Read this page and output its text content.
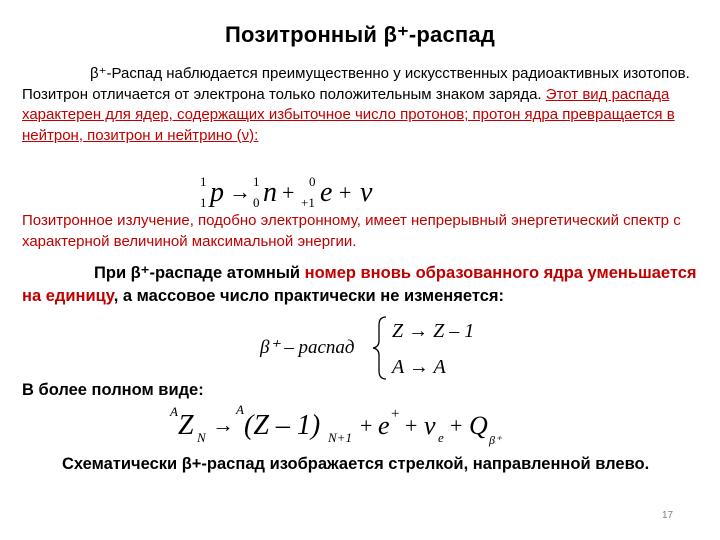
Позитронный β⁺-распад
β⁺-Распад наблюдается преимущественно у искусственных радиоактивных изотопов. Позитрон отличается от электрона только положительным знаком заряда. Этот вид распада характерен для ядер, содержащих избыточное число протонов; протон ядра превращается в нейтрон, позитрон и нейтрино (ν):
1
1 p → 1
0 n + 0
+1 e + ν
Позитронное излучение, подобно электронному, имеет непрерывный энергетический спектр с характерной величиной максимальной энергии.
При β⁺-распаде атомный номер вновь образованного ядра уменьшается на единицу, а массовое число практически не изменяется:
β⁺ – распад
Z → Z – 1
A → A
В более полном виде:
A Z N
→
A
(Z – 1) N+1 + e + + ν e + Q β⁺
Схематически β+-распад изображается стрелкой, направленной влево.
17
